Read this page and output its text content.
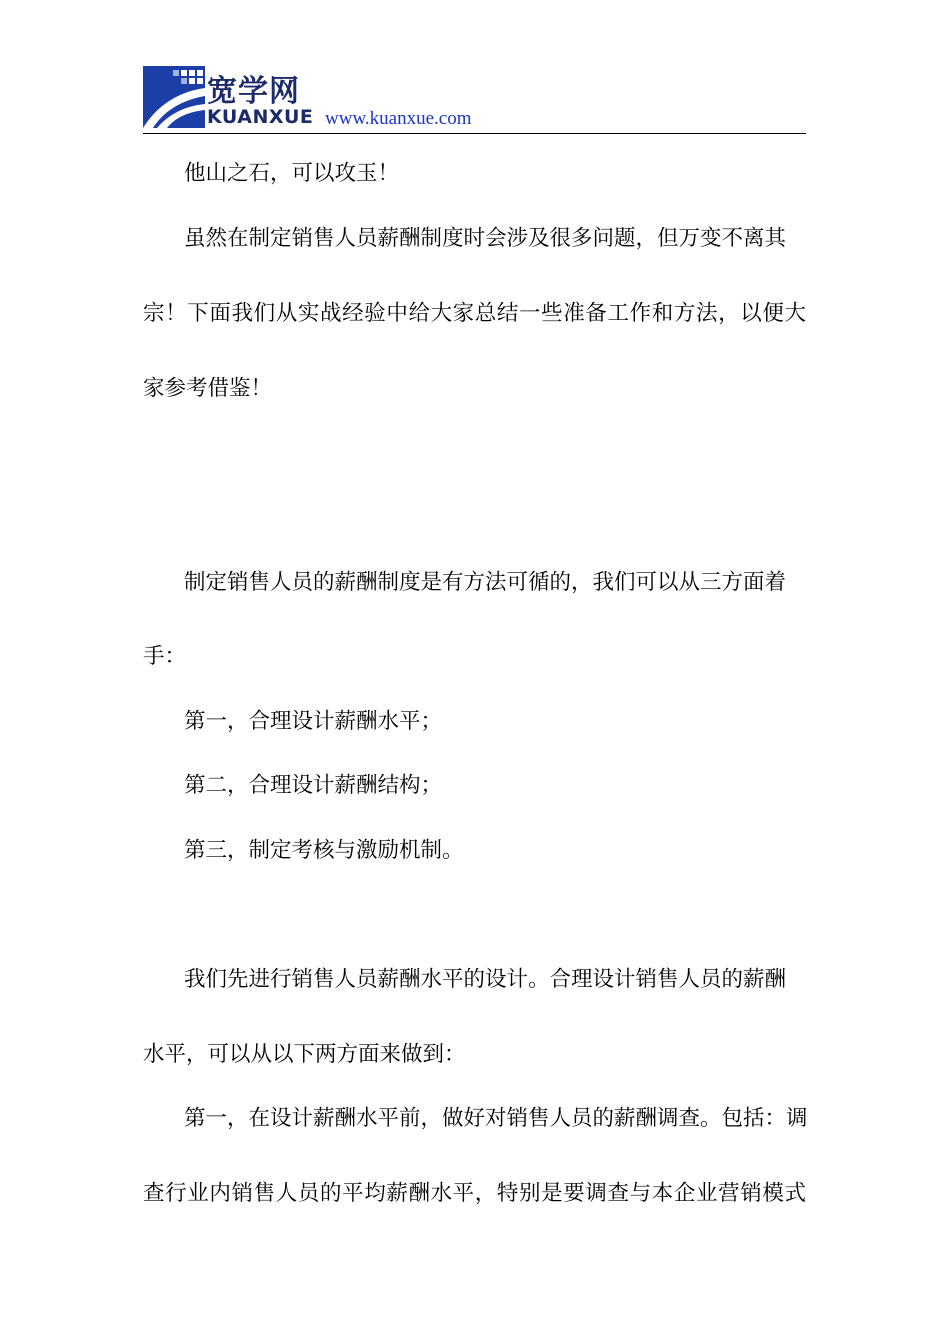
宽学网
KUANXUE www.kuanxue.com
他山之石，可以攻玉！
虽然在制定销售人员薪酬制度时会涉及很多问题，但万变不离其
宗！下面我们从实战经验中给大家总结一些准备工作和方法，以便大
家参考借鉴！
制定销售人员的薪酬制度是有方法可循的，我们可以从三方面着
手：
第一，合理设计薪酬水平；
第二，合理设计薪酬结构；
第三，制定考核与激励机制。
我们先进行销售人员薪酬水平的设计。合理设计销售人员的薪酬
水平，可以从以下两方面来做到：
第一，在设计薪酬水平前，做好对销售人员的薪酬调查。包括：调
查行业内销售人员的平均薪酬水平，特别是要调查与本企业营销模式
